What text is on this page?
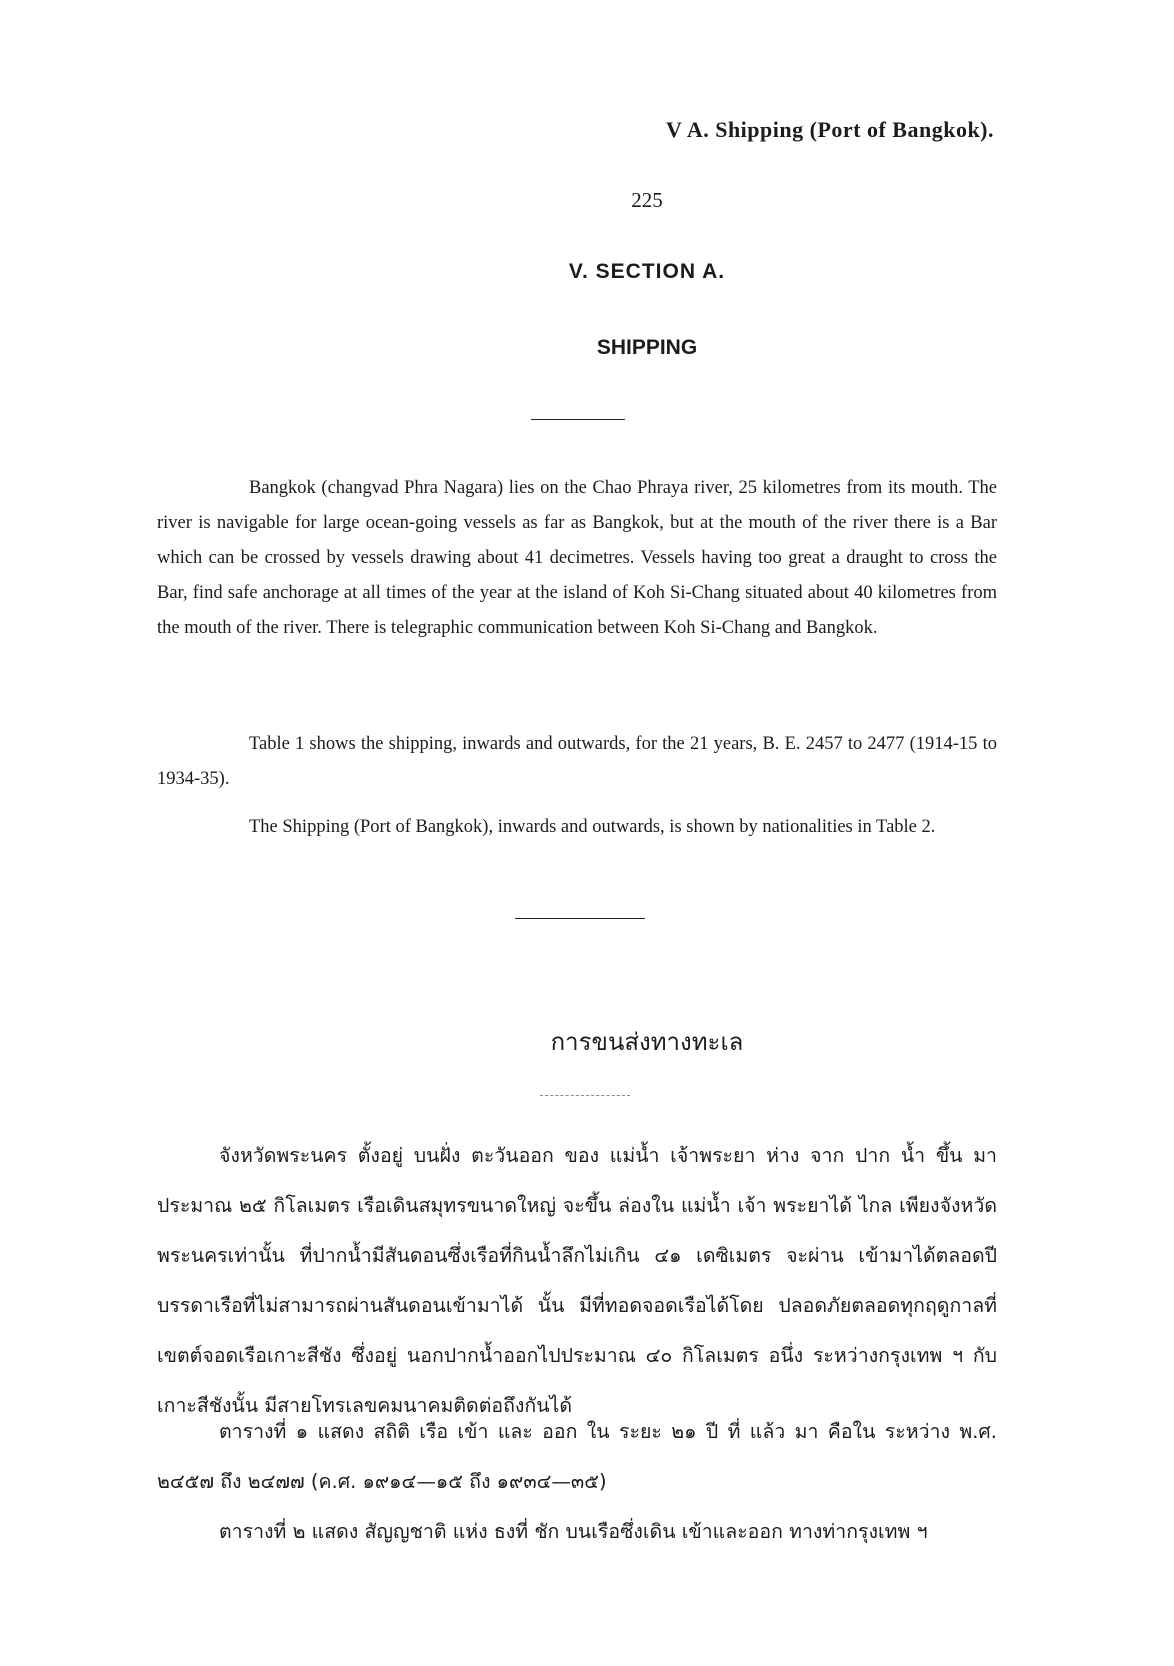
V A. Shipping (Port of Bangkok).
225
V. SECTION A.
SHIPPING

Bangkok (changvad Phra Nagara) lies on the Chao Phraya river, 25 kilometres from its mouth. The river is navigable for large ocean-going vessels as far as Bangkok, but at the mouth of the river there is a Bar which can be crossed by vessels drawing about 41 decimetres. Vessels having too great a draught to cross the Bar, find safe anchorage at all times of the year at the island of Koh Si-Chang situated about 40 kilometres from the mouth of the river. There is telegraphic communication between Koh Si-Chang and Bangkok.

Table 1 shows the shipping, inwards and outwards, for the 21 years, B. E. 2457 to 2477 (1914-15 to 1934-35).

The Shipping (Port of Bangkok), inwards and outwards, is shown by nationalities in Table 2.

การขนส่งทางทะเล

จังหวัดพระนคร ตั้งอยู่ บนฝั่ง ตะวันออก ของ แม่น้ำ เจ้าพระยา ห่าง จาก ปาก น้ำ ขึ้น มา ประมาณ ๒๕ กิโลเมตร เรือเดินสมุทรขนาดใหญ่ จะขึ้น ล่องใน แม่น้ำ เจ้า พระยาได้ ไกล เพียงจังหวัดพระนครเท่านั้น ที่ปากน้ำมีสันดอนซึ่งเรือที่กินน้ำลึกไม่เกิน ๔๑ เดซิเมตร จะผ่าน เข้ามาได้ตลอดปี บรรดาเรือที่ไม่สามารถผ่านสันดอนเข้ามาได้ นั้น มีที่ทอดจอดเรือได้โดย ปลอดภัยตลอดทุกฤดูกาลที่เขตต์จอดเรือเกาะสีชัง ซึ่งอยู่ นอกปากน้ำออกไปประมาณ ๔๐ กิโลเมตร อนึ่ง ระหว่างกรุงเทพ ฯ กับ เกาะสีชังนั้น มีสายโทรเลขคมนาคมติดต่อถึงกันได้

ตารางที่ ๑ แสดง สถิติ เรือ เข้า และ ออก ใน ระยะ ๒๑ ปี ที่ แล้ว มา คือใน ระหว่าง พ.ศ. ๒๔๕๗ ถึง ๒๔๗๗ (ค.ศ. ๑๙๑๔—๑๕ ถึง ๑๙๓๔—๓๕)

ตารางที่ ๒ แสดง สัญญชาติ แห่ง ธงที่ ชัก บนเรือซึ่งเดิน เข้าและออก ทางท่ากรุงเทพ ฯ
